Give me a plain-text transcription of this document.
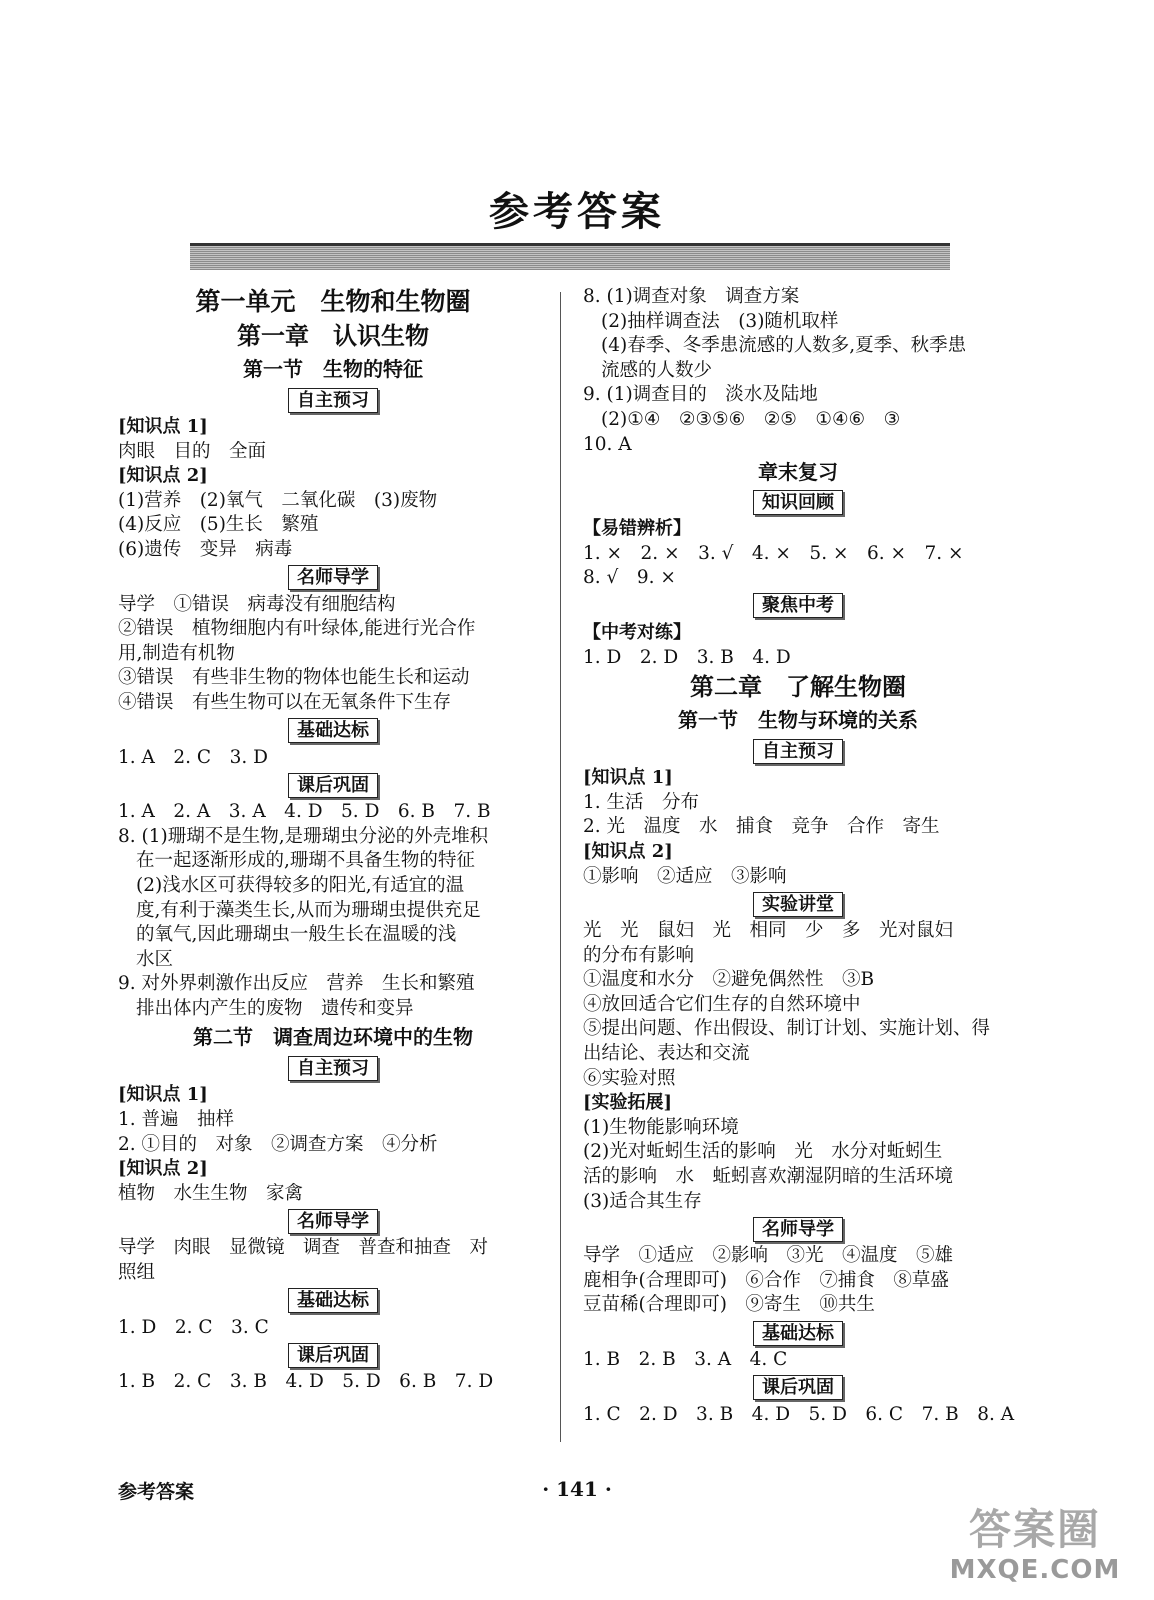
参考答案
第一单元　生物和生物圈
第一章　认识生物
第一节　生物的特征
自主预习
[知识点 1]
肉眼　目的　全面
[知识点 2]
(1)营养　(2)氧气　二氧化碳　(3)废物
(4)反应　(5)生长　繁殖
(6)遗传　变异　病毒
名师导学
导学　①错误　病毒没有细胞结构
②错误　植物细胞内有叶绿体,能进行光合作
用,制造有机物
③错误　有些非生物的物体也能生长和运动
④错误　有些生物可以在无氧条件下生存
基础达标
1. A　2. C　3. D
课后巩固
1. A　2. A　3. A　4. D　5. D　6. B　7. B
8. (1)珊瑚不是生物,是珊瑚虫分泌的外壳堆积
在一起逐渐形成的,珊瑚不具备生物的特征
(2)浅水区可获得较多的阳光,有适宜的温
度,有利于藻类生长,从而为珊瑚虫提供充足
的氧气,因此珊瑚虫一般生长在温暖的浅
水区
9. 对外界刺激作出反应　营养　生长和繁殖
排出体内产生的废物　遗传和变异
第二节　调查周边环境中的生物
自主预习
[知识点 1]
1. 普遍　抽样
2. ①目的　对象　②调查方案　④分析
[知识点 2]
植物　水生生物　家禽
名师导学
导学　肉眼　显微镜　调查　普查和抽查　对
照组
基础达标
1. D　2. C　3. C
课后巩固
1. B　2. C　3. B　4. D　5. D　6. B　7. D
8. (1)调查对象　调查方案
(2)抽样调查法　(3)随机取样
(4)春季、冬季患流感的人数多,夏季、秋季患
流感的人数少
9. (1)调查目的　淡水及陆地
(2)①④　②③⑤⑥　②⑤　①④⑥　③
10. A
章末复习
知识回顾
【易错辨析】
1. ×　2. ×　3. √　4. ×　5. ×　6. ×　7. ×
8. √　9. ×
聚焦中考
【中考对练】
1. D　2. D　3. B　4. D
第二章　了解生物圈
第一节　生物与环境的关系
自主预习
[知识点 1]
1. 生活　分布
2. 光　温度　水　捕食　竞争　合作　寄生
[知识点 2]
①影响　②适应　③影响
实验讲堂
光　光　鼠妇　光　相同　少　多　光对鼠妇
的分布有影响
①温度和水分　②避免偶然性　③B
④放回适合它们生存的自然环境中
⑤提出问题、作出假设、制订计划、实施计划、得
出结论、表达和交流
⑥实验对照
[实验拓展]
(1)生物能影响环境
(2)光对蚯蚓生活的影响　光　水分对蚯蚓生
活的影响　水　蚯蚓喜欢潮湿阴暗的生活环境
(3)适合其生存
名师导学
导学　①适应　②影响　③光　④温度　⑤雄
鹿相争(合理即可)　⑥合作　⑦捕食　⑧草盛
豆苗稀(合理即可)　⑨寄生　⑩共生
基础达标
1. B　2. B　3. A　4. C
课后巩固
1. C　2. D　3. B　4. D　5. D　6. C　7. B　8. A
参考答案	· 141 ·
答案圈
MXQE.COM
